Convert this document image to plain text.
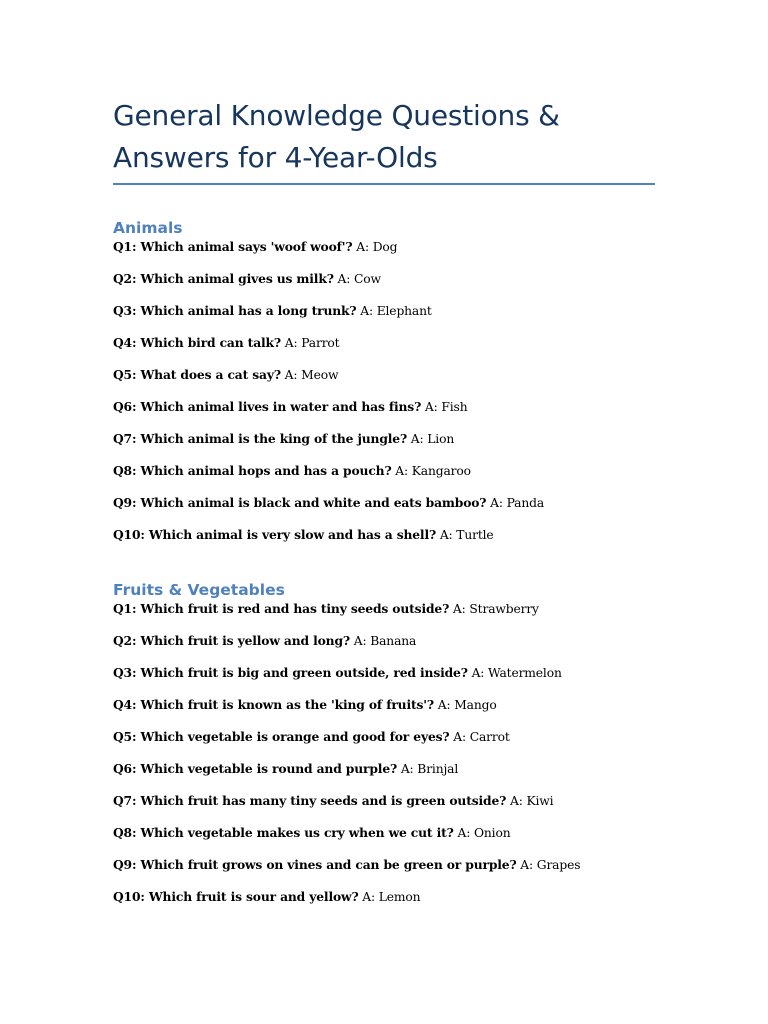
General Knowledge Questions &
Answers for 4-Year-Olds
Animals
Q1: Which animal says 'woof woof'? A: Dog
Q2: Which animal gives us milk? A: Cow
Q3: Which animal has a long trunk? A: Elephant
Q4: Which bird can talk? A: Parrot
Q5: What does a cat say? A: Meow
Q6: Which animal lives in water and has fins? A: Fish
Q7: Which animal is the king of the jungle? A: Lion
Q8: Which animal hops and has a pouch? A: Kangaroo
Q9: Which animal is black and white and eats bamboo? A: Panda
Q10: Which animal is very slow and has a shell? A: Turtle
Fruits & Vegetables
Q1: Which fruit is red and has tiny seeds outside? A: Strawberry
Q2: Which fruit is yellow and long? A: Banana
Q3: Which fruit is big and green outside, red inside? A: Watermelon
Q4: Which fruit is known as the 'king of fruits'? A: Mango
Q5: Which vegetable is orange and good for eyes? A: Carrot
Q6: Which vegetable is round and purple? A: Brinjal
Q7: Which fruit has many tiny seeds and is green outside? A: Kiwi
Q8: Which vegetable makes us cry when we cut it? A: Onion
Q9: Which fruit grows on vines and can be green or purple? A: Grapes
Q10: Which fruit is sour and yellow? A: Lemon
